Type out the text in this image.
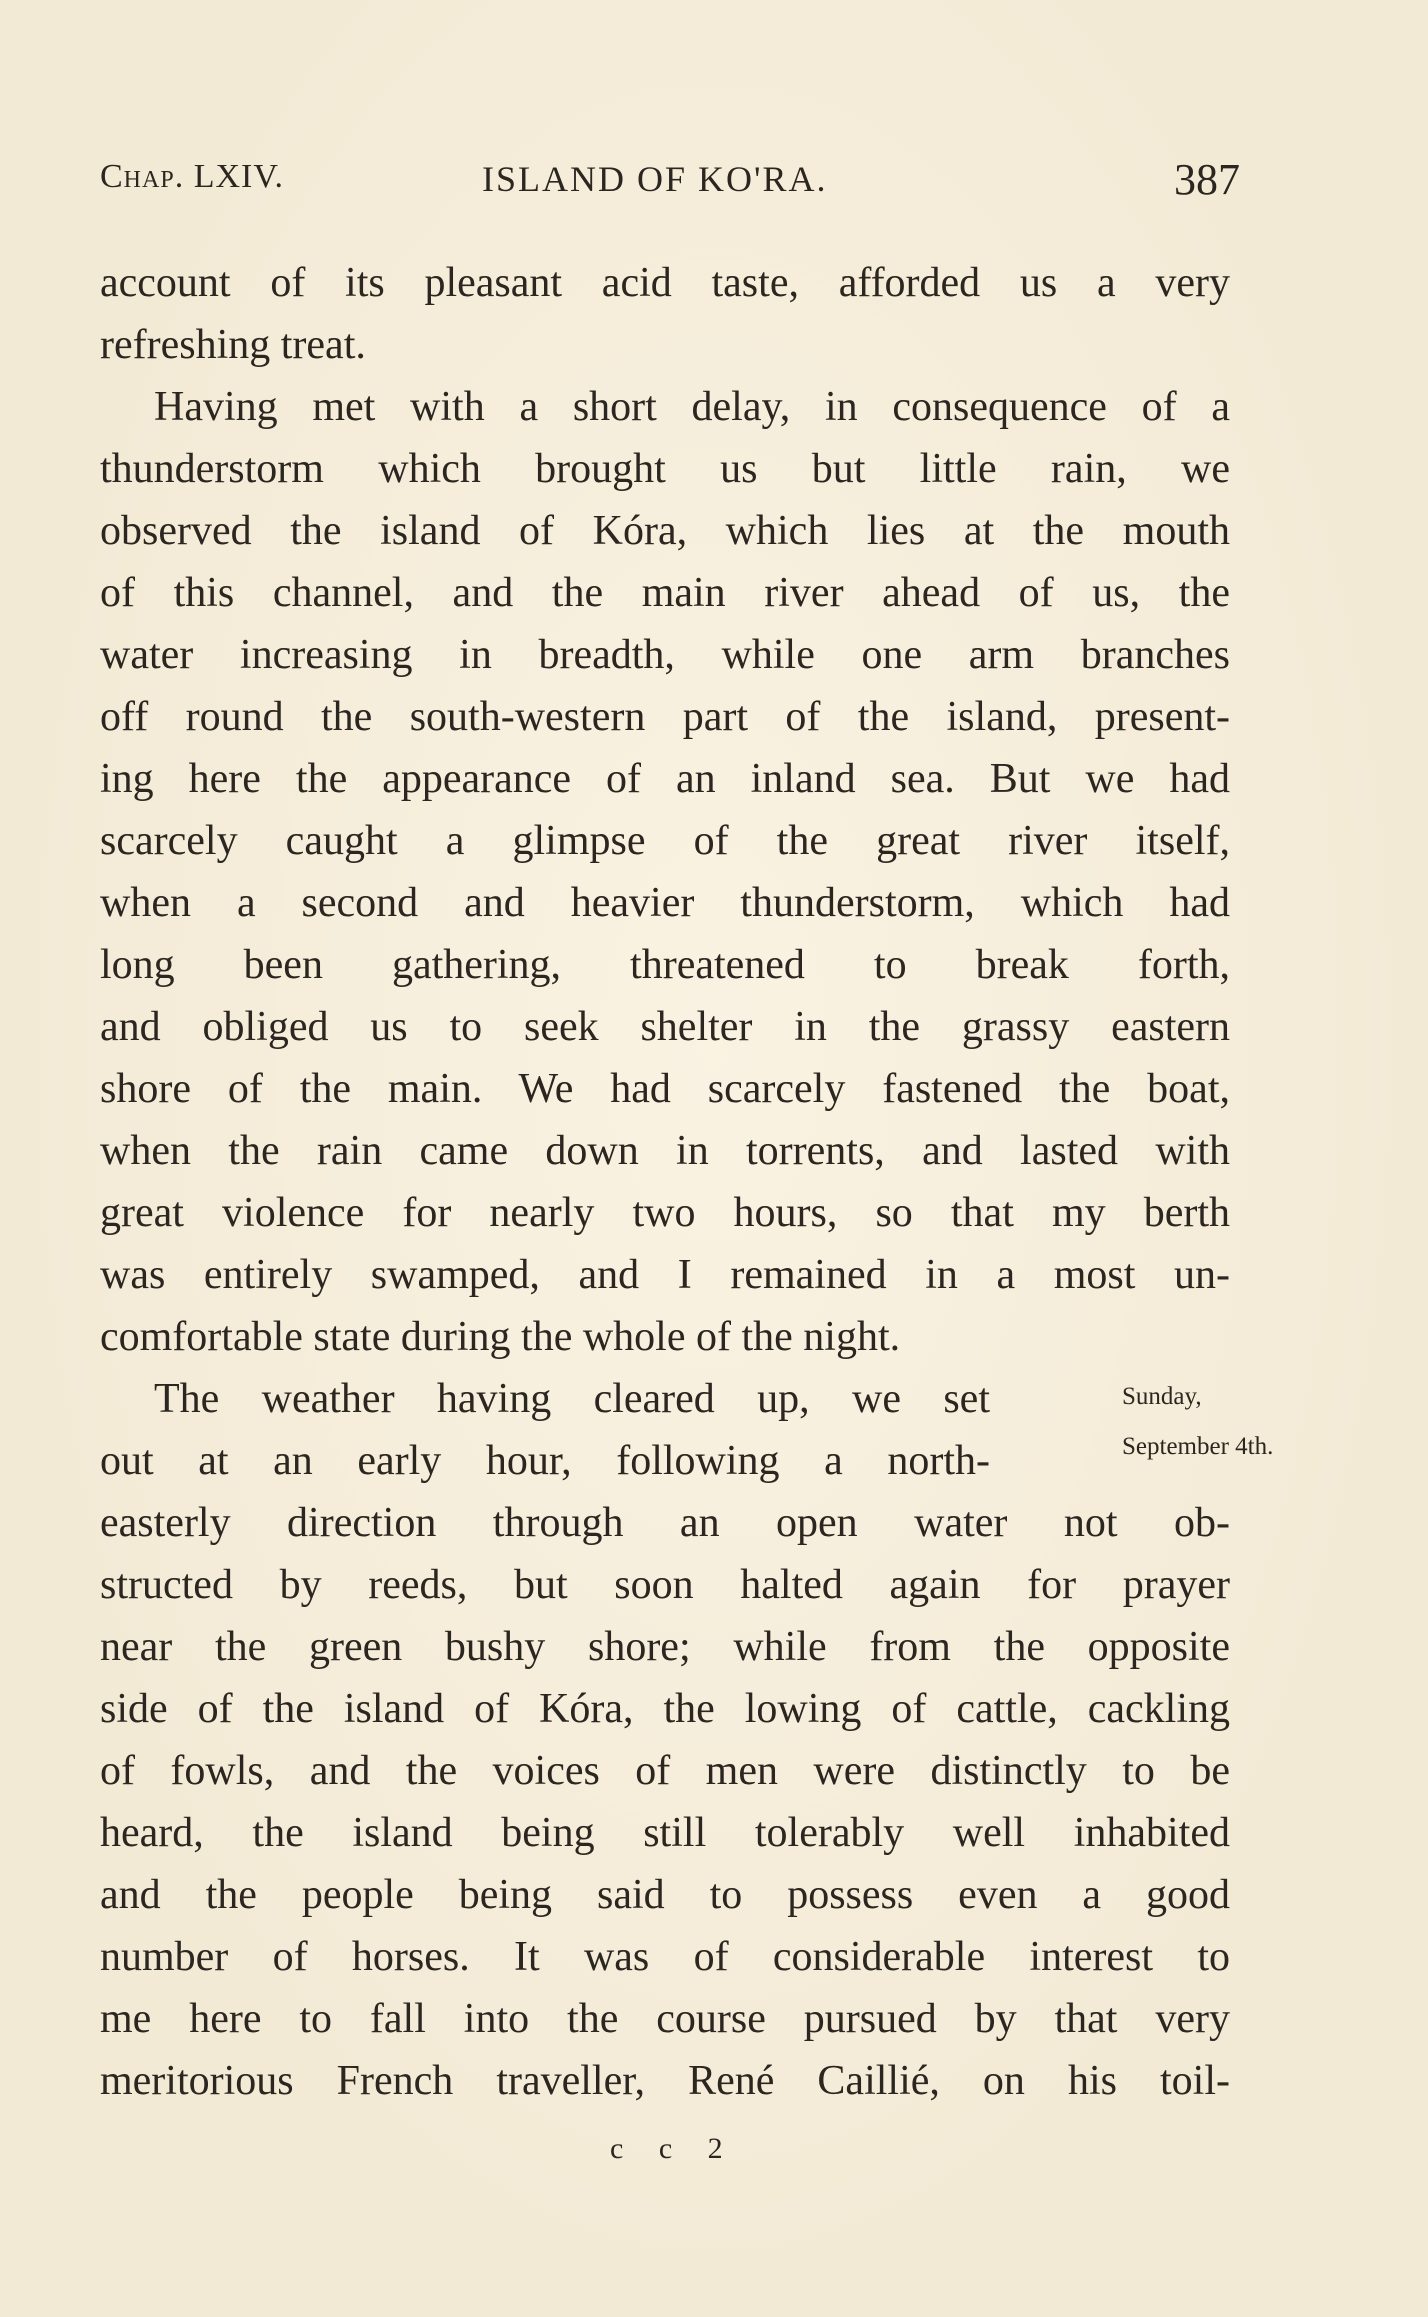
Chap. LXIV.	ISLAND OF KO'RA.	387
account of its pleasant acid taste, afforded us a very
refreshing treat.
Having met with a short delay, in consequence of a
thunderstorm which brought us but little rain, we
observed the island of Kóra, which lies at the mouth
of this channel, and the main river ahead of us, the
water increasing in breadth, while one arm branches
off round the south-western part of the island, present-
ing here the appearance of an inland sea. But we had
scarcely caught a glimpse of the great river itself,
when a second and heavier thunderstorm, which had
long been gathering, threatened to break forth,
and obliged us to seek shelter in the grassy eastern
shore of the main. We had scarcely fastened the boat,
when the rain came down in torrents, and lasted with
great violence for nearly two hours, so that my berth
was entirely swamped, and I remained in a most un-
comfortable state during the whole of the night.
The weather having cleared up, we set
out at an early hour, following a north-
easterly direction through an open water not ob-
structed by reeds, but soon halted again for prayer
near the green bushy shore; while from the opposite
side of the island of Kóra, the lowing of cattle, cackling
of fowls, and the voices of men were distinctly to be
heard, the island being still tolerably well inhabited
and the people being said to possess even a good
number of horses. It was of considerable interest to
me here to fall into the course pursued by that very
meritorious French traveller, René Caillié, on his toil-
Sunday,
September 4th.
c c 2
